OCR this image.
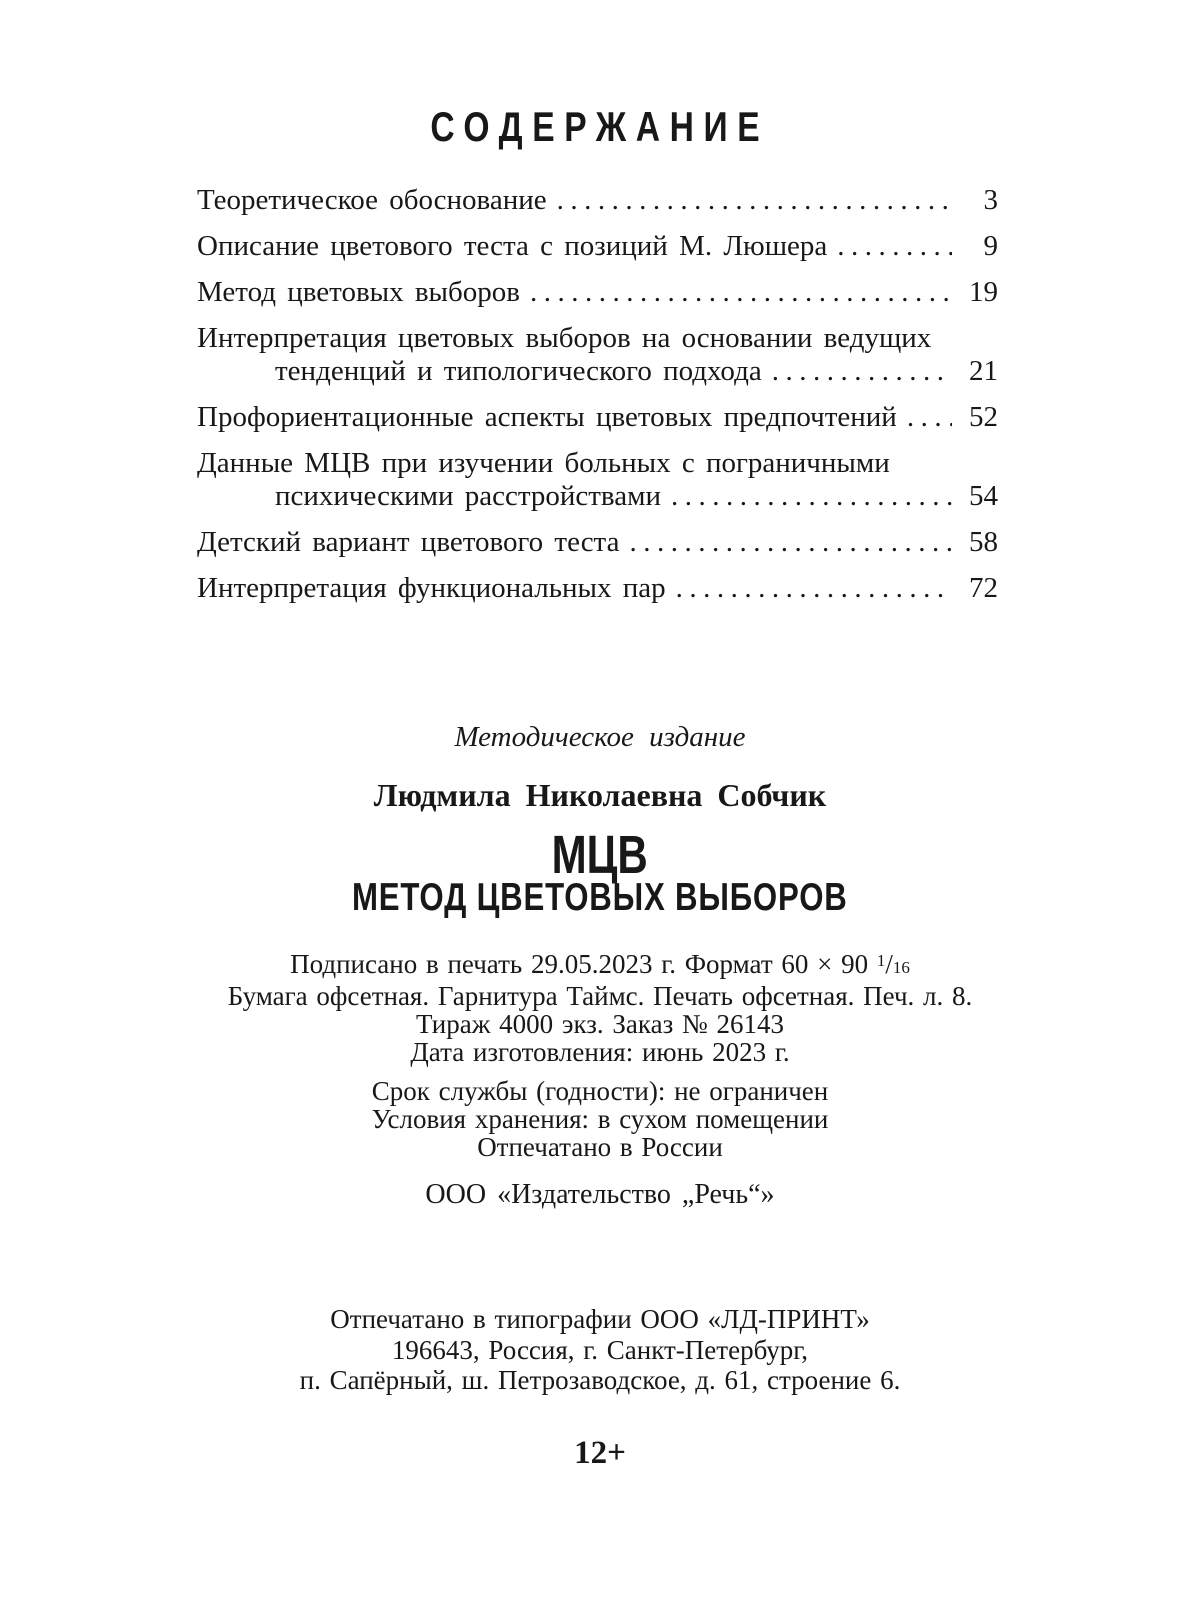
СОДЕРЖАНИЕ
Теоретическое обоснование .....	3
Описание цветового теста с позиций М. Люшера .....	9
Метод цветовых выборов .....	19
Интерпретация цветовых выборов на основании ведущих
тенденций и типологического подхода .....	21
Профориентационные аспекты цветовых предпочтений .....	52
Данные МЦВ при изучении больных с пограничными
психическими расстройствами .....	54
Детский вариант цветового теста .....	58
Интерпретация функциональных пар .....	72
Методическое издание
Людмила Николаевна Собчик
МЦВ
МЕТОД ЦВЕТОВЫХ ВЫБОРОВ
Подписано в печать 29.05.2023 г. Формат 60 × 90 $^1$/16
Бумага офсетная. Гарнитура Таймс. Печать офсетная. Печ. л. 8.
Тираж 4000 экз. Заказ № 26143
Дата изготовления: июнь 2023 г.
Срок службы (годности): не ограничен
Условия хранения: в сухом помещении
Отпечатано в России
ООО «Издательство „Речь“»
Отпечатано в типографии ООО «ЛД-ПРИНТ»
196643, Россия, г. Санкт-Петербург,
п. Сапёрный, ш. Петрозаводское, д. 61, строение 6.
12+
